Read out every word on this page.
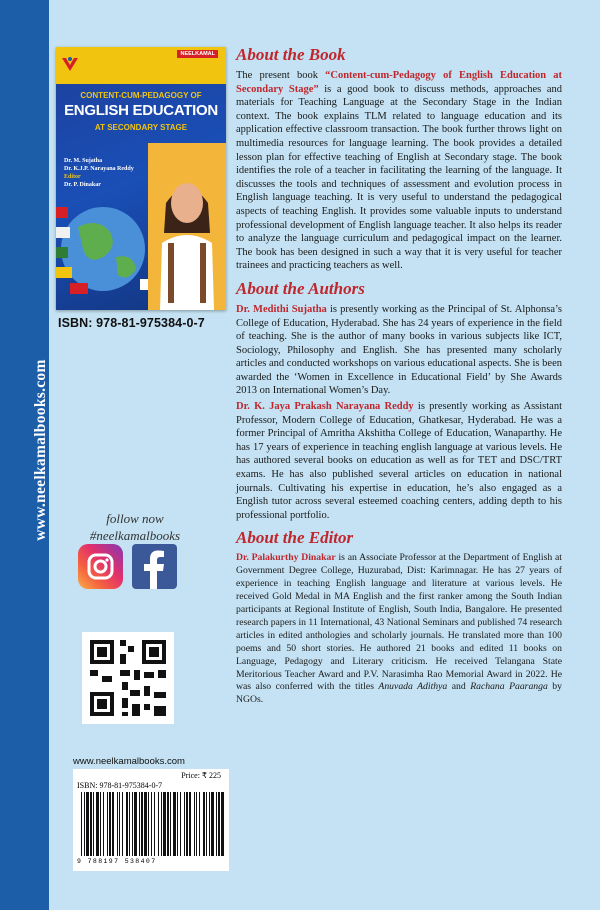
www.neelkamalbooks.com
NEELKAMAL
CONTENT-CUM-PEDAGOGY OF
ENGLISH EDUCATION
AT SECONDARY STAGE
Dr. M. Sujatha
Dr. K.J.P. Narayana Reddy
Editor
Dr. P. Dinakar
ISBN: 978-81-975384-0-7
follow now
#neelkamalbooks
www.neelkamalbooks.com
Price: ₹ 225
ISBN: 978-81-975384-0-7
9 788197 538407
About the Book

The present book “Content-cum-Pedagogy of English Education at Secondary Stage” is a good book to discuss methods, approaches and materials for Teaching Language at the Secondary Stage in the Indian context. The book explains TLM related to language education and its application effective classroom transaction. The book further throws light on multimedia resources for language learning. The book provides a detailed lesson plan for effective teaching of English at Secondary stage. The book identifies the role of a teacher in facilitating the learning of the language. It discusses the tools and techniques of assessment and evolution process in English language teaching. It is very useful to understand the pedagogical aspects of teaching English. It provides some valuable inputs to understand professional development of English language teacher. It also helps its reader to analyze the language curriculum and pedagogical impact on the learner. The book has been designed in such a way that it is very useful for teacher trainees and practicing teachers as well.

About the Authors

Dr. Medithi Sujatha is presently working as the Principal of St. Alphonsa’s College of Education, Hyderabad. She has 24 years of experience in the field of teaching. She is the author of many books in various subjects like ICT, Sociology, Philosophy and English. She has presented many scholarly articles and conducted workshops on various educational aspects. She is been awarded the ‘Women in Excellence in Educational Field’ by She Awards 2013 on International Women’s Day.

Dr. K. Jaya Prakash Narayana Reddy is presently working as Assistant Professor, Modern College of Education, Ghatkesar, Hyderabad. He was a former Principal of Amritha Akshitha College of Education, Wanaparthy. He has 17 years of experience in teaching english language at various levels. He has authored several books on education as well as for TET and DSC/TRT exams. He has also published several articles on education in national journals. Cultivating his expertise in education, he’s also engaged as a English tutor across several esteemed coaching centers, adding depth to his professional portfolio.

About the Editor

Dr. Palakurthy Dinakar is an Associate Professor at the Department of English at Government Degree College, Huzurabad, Dist: Karimnagar. He has 27 years of experience in teaching English language and literature at various levels. He received Gold Medal in MA English and the first ranker among the South Indian participants at Regional Institute of English, South India, Bangalore. He presented research papers in 11 International, 43 National Seminars and published 74 research articles in edited anthologies and scholarly journals. He translated more than 100 poems and 50 short stories. He authored 21 books and edited 11 books on Language, Pedagogy and Literary criticism. He received Telangana State Meritorious Teacher Award and P.V. Narasimha Rao Memorial Award in 2022. He was also conferred with the titles Anuvada Adithya and Rachana Paaranga by NGOs.
